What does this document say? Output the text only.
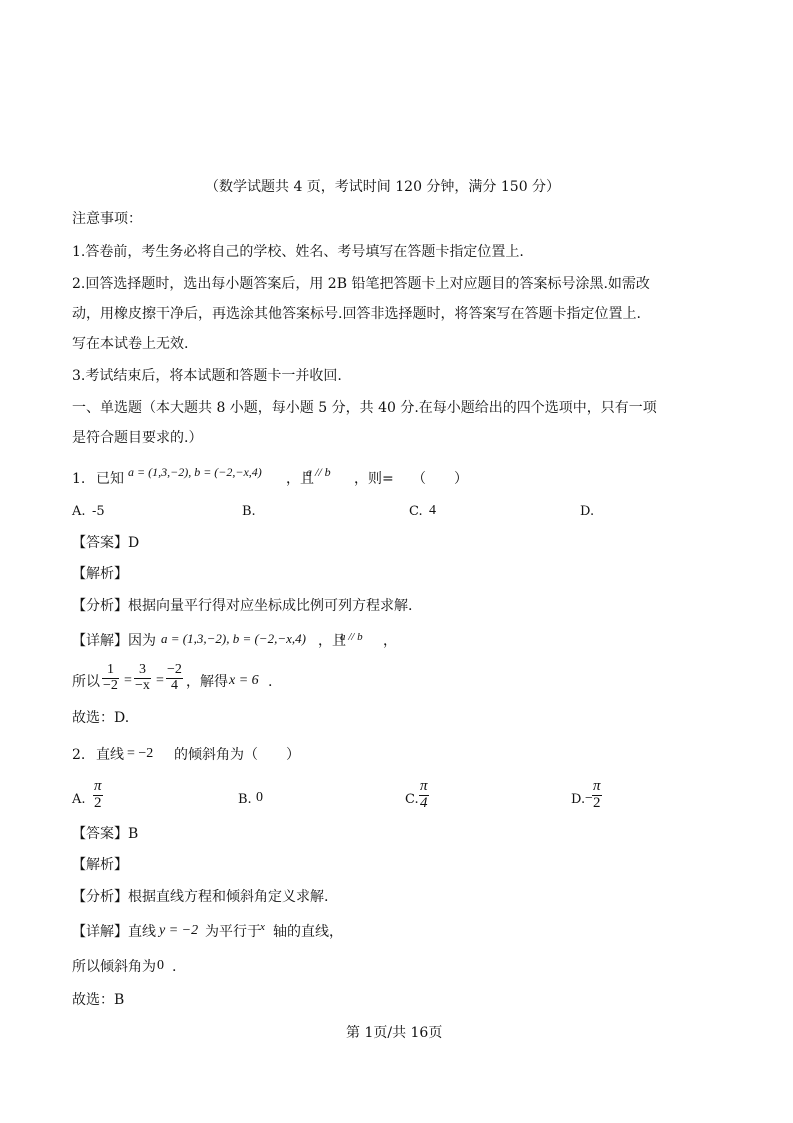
（数学试题共 4 页，考试时间 120 分钟，满分 150 分）
注意事项：
1.答卷前，考生务必将自己的学校、姓名、考号填写在答题卡指定位置上.
2.回答选择题时，选出每小题答案后，用 2B 铅笔把答题卡上对应题目的答案标号涂黑.如需改
动，用橡皮擦干净后，再选涂其他答案标号.回答非选择题时，将答案写在答题卡指定位置上.
写在本试卷上无效.
3.考试结束后，将本试题和答题卡一并收回.
一、单选题（本大题共 8 小题，每小题 5 分，共 40 分.在每小题给出的四个选项中，只有一项
是符合题目要求的.）
1. 已知 a = (1,3,−2), b = (−2,−x,4) ，且
a // b ，则= （　　）
A. -5	B.	C. 4	D.
【答案】D
【解析】
【分析】根据向量平行得对应坐标成比例可列方程求解.
【详解】 因为 a = (1,3,−2), b = (−2,−x,4) ，且
a // b ，
所以
1
−2 =
3
−x =
−2
4 ，解得 x = 6 .
故选：D.
2. 直线 = −2 的倾斜角为（　　）
A.
π
2	B. 0	C.
π
4	D. −
π
2
【答案】B
【解析】
【分析】根据直线方程和倾斜角定义求解.
【详解】 直线 y = −2 为平行于 x 轴的直线，
所以倾斜角为 0 .
故选：B
第 1页/共 16页
